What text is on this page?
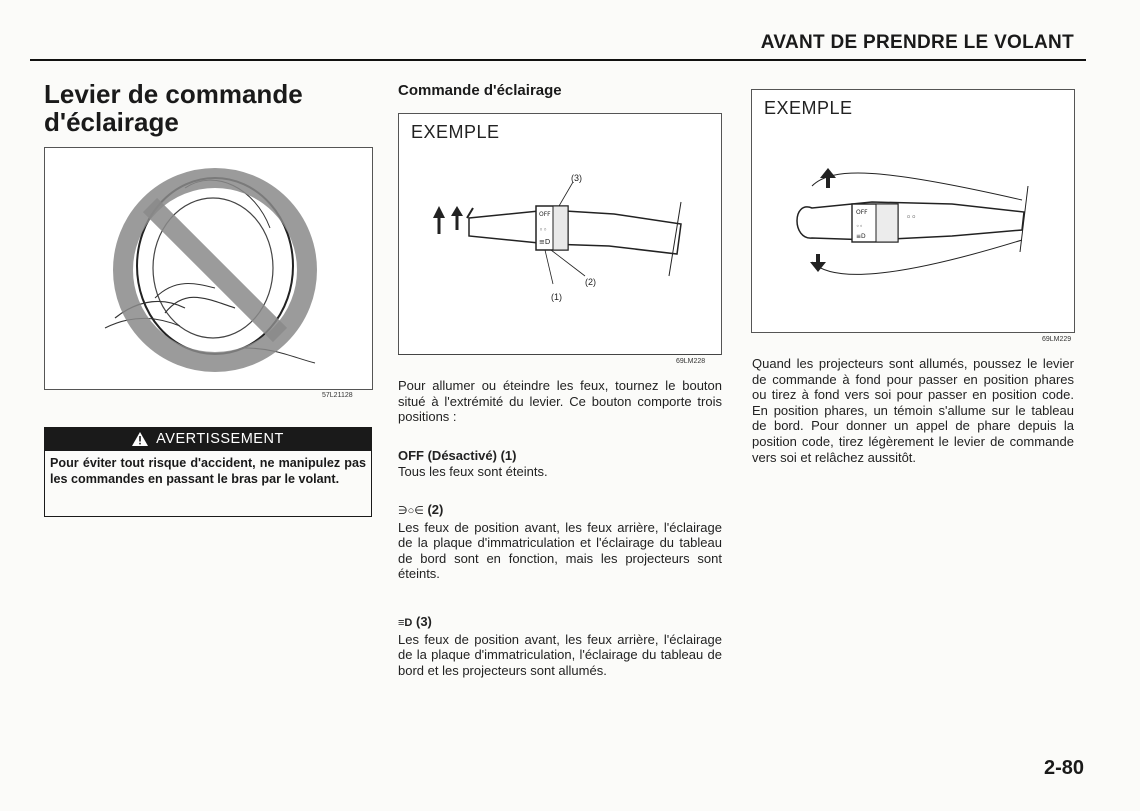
AVANT DE PRENDRE LE VOLANT
Levier de commande
d'éclairage
57L21128
AVERTISSEMENT
Pour éviter tout risque d'accident, ne manipulez pas les commandes en passant le bras par le volant.
Commande d'éclairage
EXEMPLE
OFF
◦◦
≡D
(3)
(2)
(1)
69LM228
Pour allumer ou éteindre les feux, tournez le bouton situé à l'extrémité du levier. Ce bouton comporte trois positions :
OFF (Désactivé) (1)
Tous les feux sont éteints.
∋○∈ (2)
Les feux de position avant, les feux arrière, l'éclairage de la plaque d'immatriculation et l'éclairage du tableau de bord sont en fonction, mais les projecteurs sont éteints.
≡D (3)
Les feux de position avant, les feux arrière, l'éclairage de la plaque d'immatriculation, l'éclairage du tableau de bord et les projecteurs sont allumés.
EXEMPLE
OFF
◦◦
≡D
◦◦
69LM229
Quand les projecteurs sont allumés, poussez le levier de commande à fond pour passer en position phares ou tirez à fond vers soi pour passer en position code. En position phares, un témoin s'allume sur le tableau de bord. Pour donner un appel de phare depuis la position code, tirez légèrement le levier de commande vers soi et relâchez aussitôt.
2-80
